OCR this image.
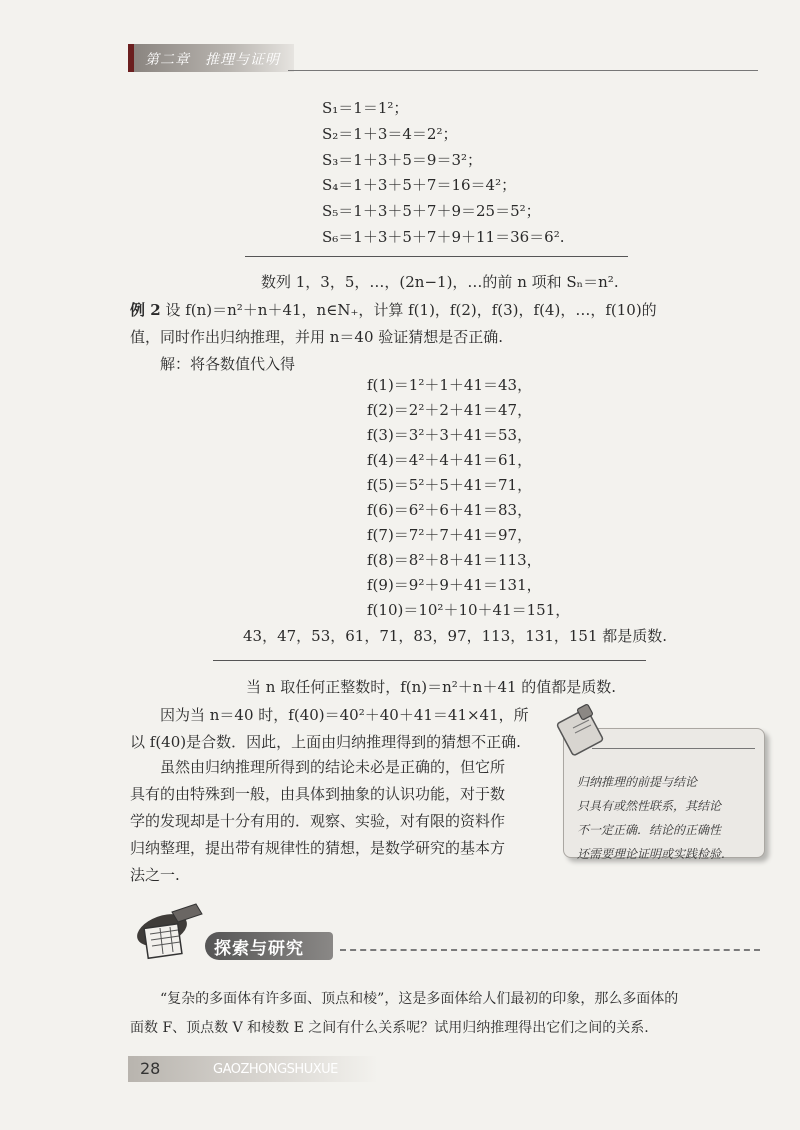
第二章　推理与证明
S₁＝1＝1²；
S₂＝1＋3＝4＝2²；
S₃＝1＋3＋5＝9＝3²；
S₄＝1＋3＋5＋7＝16＝4²；
S₅＝1＋3＋5＋7＋9＝25＝5²；
S₆＝1＋3＋5＋7＋9＋11＝36＝6².
数列 1，3，5，…，(2n−1)，…的前 n 项和 Sₙ＝n².
例 2 设 f(n)＝n²＋n＋41，n∈N₊，计算 f(1)，f(2)，f(3)，f(4)，…，f(10)的
值，同时作出归纳推理，并用 n＝40 验证猜想是否正确.
解：将各数值代入得
f(1)＝1²＋1＋41＝43，
f(2)＝2²＋2＋41＝47，
f(3)＝3²＋3＋41＝53，
f(4)＝4²＋4＋41＝61，
f(5)＝5²＋5＋41＝71，
f(6)＝6²＋6＋41＝83，
f(7)＝7²＋7＋41＝97，
f(8)＝8²＋8＋41＝113，
f(9)＝9²＋9＋41＝131，
f(10)＝10²＋10＋41＝151，
43，47，53，61，71，83，97，113，131，151 都是质数.
当 n 取任何正整数时，f(n)＝n²＋n＋41 的值都是质数.
因为当 n＝40 时，f(40)＝40²＋40＋41＝41×41，所
以 f(40)是合数．因此，上面由归纳推理得到的猜想不正确.
虽然由归纳推理所得到的结论未必是正确的，但它所
具有的由特殊到一般，由具体到抽象的认识功能，对于数
学的发现却是十分有用的．观察、实验，对有限的资料作
归纳整理，提出带有规律性的猜想，是数学研究的基本方
法之一.
归纳推理的前提与结论
只具有或然性联系，其结论
不一定正确．结论的正确性
还需要理论证明或实践检验.
探索与研究
“复杂的多面体有许多面、顶点和棱”，这是多面体给人们最初的印象，那么多面体的
面数 F、顶点数 V 和棱数 E 之间有什么关系呢？试用归纳推理得出它们之间的关系.
28	GAOZHONGSHUXUE
